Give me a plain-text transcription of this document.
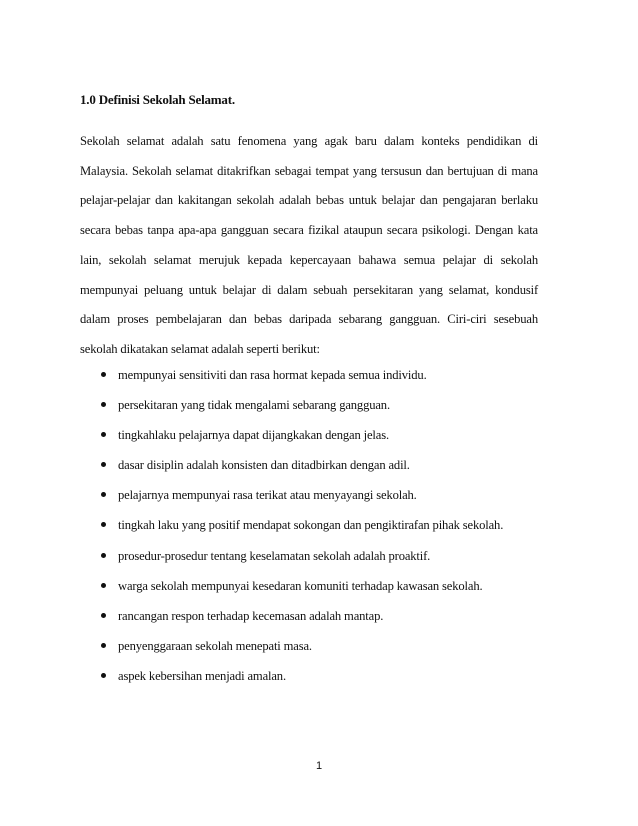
1.0 Definisi Sekolah Selamat.

Sekolah selamat adalah satu fenomena yang agak baru dalam konteks pendidikan di Malaysia. Sekolah selamat ditakrifkan sebagai tempat yang tersusun dan bertujuan di mana pelajar-pelajar dan kakitangan sekolah adalah bebas untuk belajar dan pengajaran berlaku secara bebas tanpa apa-apa gangguan secara fizikal ataupun secara psikologi. Dengan kata lain, sekolah selamat merujuk kepada kepercayaan bahawa semua pelajar di sekolah mempunyai peluang untuk belajar di dalam sebuah persekitaran yang selamat, kondusif dalam proses pembelajaran dan bebas daripada sebarang gangguan. Ciri-ciri sesebuah sekolah dikatakan selamat adalah seperti berikut:

mempunyai sensitiviti dan rasa hormat kepada semua individu.
persekitaran yang tidak mengalami sebarang gangguan.
tingkahlaku pelajarnya dapat dijangkakan dengan jelas.
dasar disiplin adalah konsisten dan ditadbirkan dengan adil.
pelajarnya mempunyai rasa terikat atau menyayangi sekolah.
tingkah laku yang positif mendapat sokongan dan pengiktirafan pihak sekolah.
prosedur-prosedur tentang keselamatan sekolah adalah proaktif.
warga sekolah mempunyai kesedaran komuniti terhadap kawasan sekolah.
rancangan respon terhadap kecemasan adalah mantap.
penyenggaraan sekolah menepati masa.
aspek kebersihan menjadi amalan.
1
